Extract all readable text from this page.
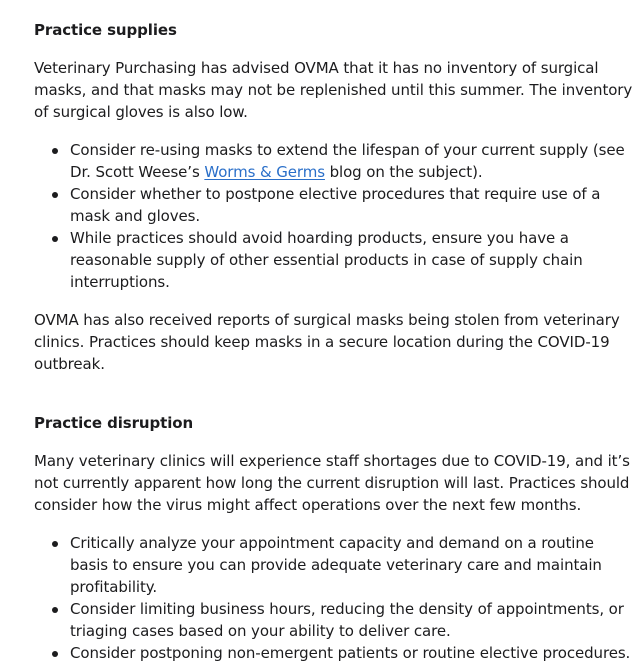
Practice supplies

Veterinary Purchasing has advised OVMA that it has no inventory of surgical masks, and that masks may not be replenished until this summer. The inventory of surgical gloves is also low.

Consider re-using masks to extend the lifespan of your current supply (see Dr. Scott Weese’s Worms & Germs blog on the subject).
Consider whether to postpone elective procedures that require use of a mask and gloves.
While practices should avoid hoarding products, ensure you have a reasonable supply of other essential products in case of supply chain interruptions.

OVMA has also received reports of surgical masks being stolen from veterinary clinics. Practices should keep masks in a secure location during the COVID-19 outbreak.

Practice disruption

Many veterinary clinics will experience staff shortages due to COVID-19, and it’s not currently apparent how long the current disruption will last. Practices should consider how the virus might affect operations over the next few months.

Critically analyze your appointment capacity and demand on a routine basis to ensure you can provide adequate veterinary care and maintain profitability.
Consider limiting business hours, reducing the density of appointments, or triaging cases based on your ability to deliver care.
Consider postponing non-emergent patients or routine elective procedures.
